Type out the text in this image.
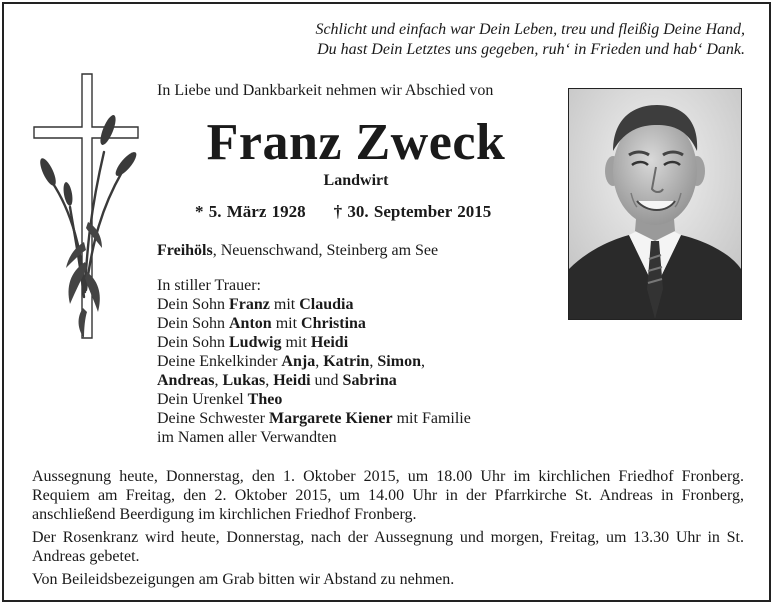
Schlicht und einfach war Dein Leben, treu und fleißig Deine Hand,
Du hast Dein Letztes uns gegeben, ruh‘ in Frieden und hab‘ Dank.
In Liebe und Dankbarkeit nehmen wir Abschied von
Franz Zweck
Landwirt
* 5. März 1928 † 30. September 2015
Freihöls, Neuenschwand, Steinberg am See
In stiller Trauer:
Dein Sohn Franz mit Claudia
Dein Sohn Anton mit Christina
Dein Sohn Ludwig mit Heidi
Deine Enkelkinder Anja, Katrin, Simon,
Andreas, Lukas, Heidi und Sabrina
Dein Urenkel Theo
Deine Schwester Margarete Kiener mit Familie
im Namen aller Verwandten

Aussegnung heute, Donnerstag, den 1. Oktober 2015, um 18.00 Uhr im kirchlichen Friedhof Fronberg. Requiem am Freitag, den 2. Oktober 2015, um 14.00 Uhr in der Pfarrkirche St. Andreas in Fronberg, anschließend Beerdigung im kirchlichen Friedhof Fronberg.

Der Rosenkranz wird heute, Donnerstag, nach der Aussegnung und morgen, Freitag, um 13.30 Uhr in St. Andreas gebetet.

Von Beileidsbezeigungen am Grab bitten wir Abstand zu nehmen.
